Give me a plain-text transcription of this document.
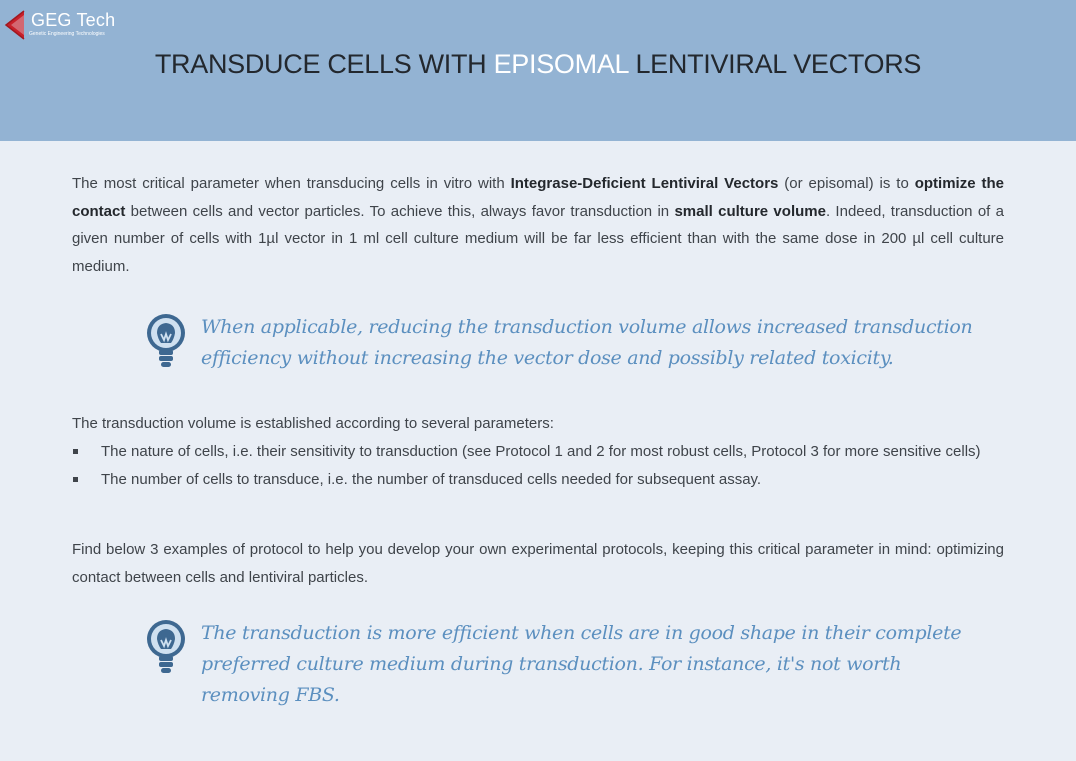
GEG Tech
Genetic Engineering Technologies
TRANSDUCE CELLS WITH EPISOMAL LENTIVIRAL VECTORS
The most critical parameter when transducing cells in vitro with Integrase-Deficient Lentiviral Vectors (or episomal) is to optimize the contact between cells and vector particles. To achieve this, always favor transduction in small culture volume. Indeed, transduction of a given number of cells with 1µl vector in 1 ml cell culture medium will be far less efficient than with the same dose in 200 µl cell culture medium.
When applicable, reducing the transduction volume allows increased transduction
efficiency without increasing the vector dose and possibly related toxicity.
The transduction volume is established according to several parameters:
The nature of cells, i.e. their sensitivity to transduction (see Protocol 1 and 2 for most robust cells, Protocol 3 for more sensitive cells)
The number of cells to transduce, i.e. the number of transduced cells needed for subsequent assay.
Find below 3 examples of protocol to help you develop your own experimental protocols, keeping this critical parameter in mind: optimizing contact between cells and lentiviral particles.
The transduction is more efficient when cells are in good shape in their complete
preferred culture medium during transduction. For instance, it's not worth removing FBS.
